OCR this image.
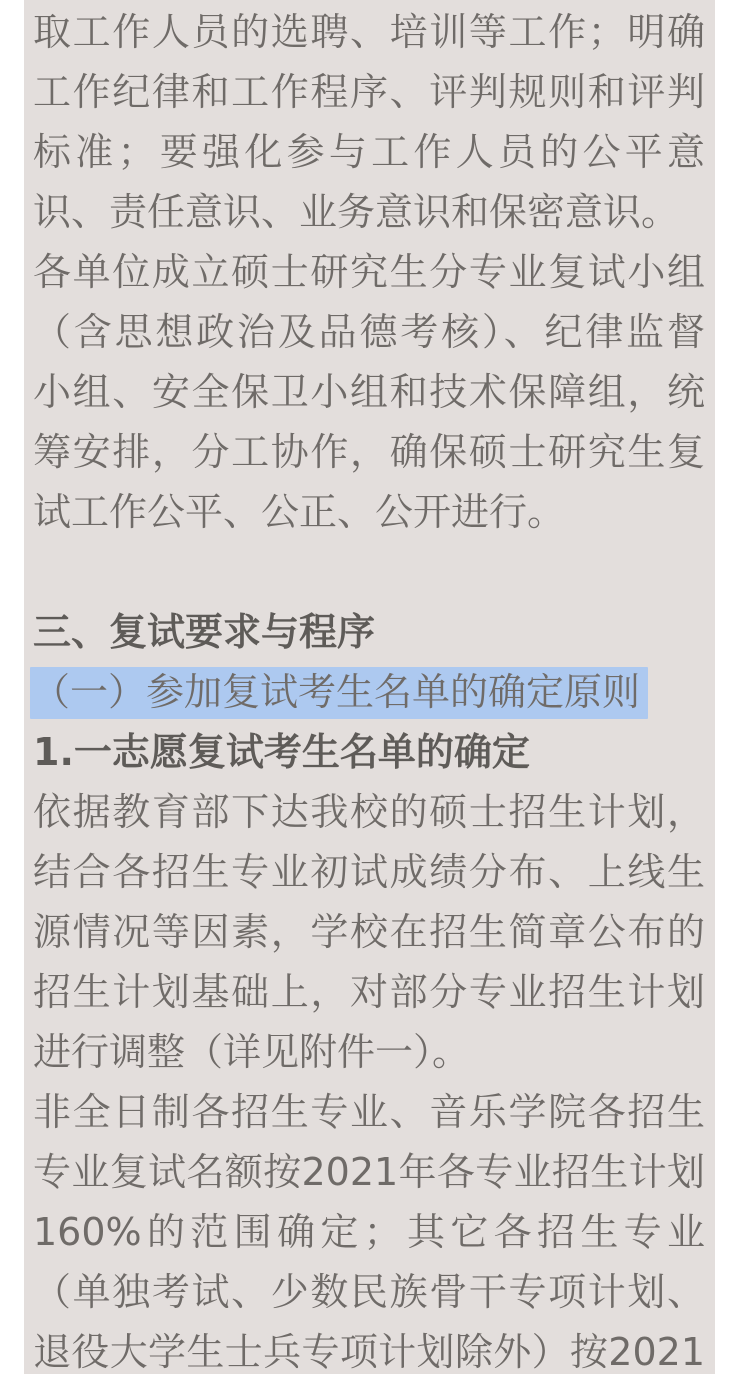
取工作人员的选聘、培训等工作；明确
工作纪律和工作程序、评判规则和评判
标准；要强化参与工作人员的公平意
识、责任意识、业务意识和保密意识。
各单位成立硕士研究生分专业复试小组
（含思想政治及品德考核）、纪律监督
小组、安全保卫小组和技术保障组，统
筹安排，分工协作，确保硕士研究生复
试工作公平、公正、公开进行。
三、复试要求与程序
（一）参加复试考生名单的确定原则
1.一志愿复试考生名单的确定
依据教育部下达我校的硕士招生计划，
结合各招生专业初试成绩分布、上线生
源情况等因素，学校在招生简章公布的
招生计划基础上，对部分专业招生计划
进行调整（详见附件一）。
非全日制各招生专业、音乐学院各招生
专业复试名额按2021年各专业招生计划
160%的范围确定；其它各招生专业
（单独考试、少数民族骨干专项计划、
退役大学生士兵专项计划除外）按2021
